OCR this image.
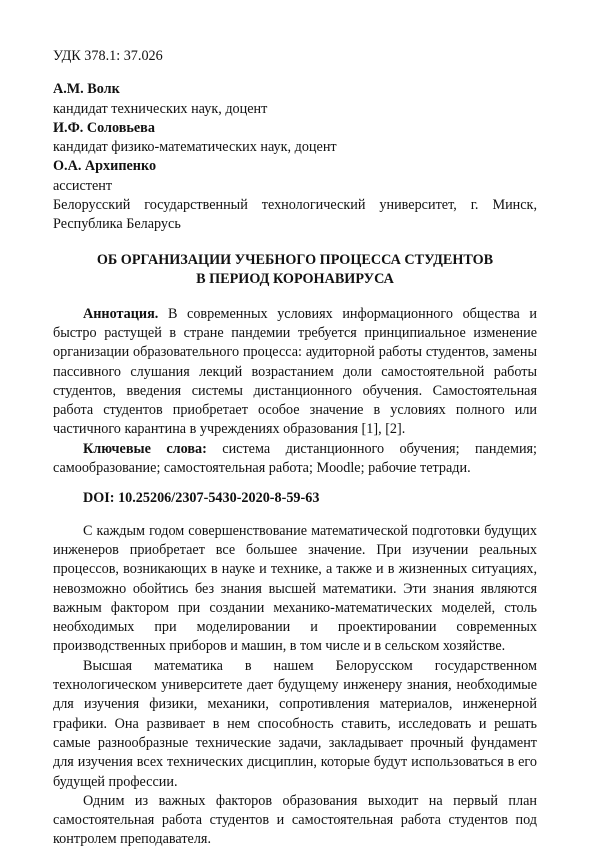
УДК 378.1: 37.026

А.М. Волк

кандидат технических наук, доцент

И.Ф. Соловьева

кандидат физико-математических наук, доцент

О.А. Архипенко

ассистент

Белорусский государственный технологический университет, г. Минск, Республика Беларусь

ОБ ОРГАНИЗАЦИИ УЧЕБНОГО ПРОЦЕССА СТУДЕНТОВ
В ПЕРИОД КОРОНАВИРУСА

Аннотация. В современных условиях информационного общества и быстро растущей в стране пандемии требуется принципиальное изменение организации образовательного процесса: аудиторной работы студентов, замены пассивного слушания лекций возрастанием доли самостоятельной работы студентов, введения системы дистанционного обучения. Самостоятельная работа студентов приобретает особое значение в условиях полного или частичного карантина в учреждениях образования [1], [2].

Ключевые слова: система дистанционного обучения; пандемия; самообразование; самостоятельная работа; Moodle; рабочие тетради.

DOI: 10.25206/2307-5430-2020-8-59-63

С каждым годом совершенствование математической подготовки будущих инженеров приобретает все большее значение. При изучении реальных процессов, возникающих в науке и технике, а также и в жизненных ситуациях, невозможно обойтись без знания высшей математики. Эти знания являются важным фактором при создании механико-математических моделей, столь необходимых при моделировании и проектировании современных производственных приборов и машин, в том числе и в сельском хозяйстве.

Высшая математика в нашем Белорусском государственном технологическом университете дает будущему инженеру знания, необходимые для изучения физики, механики, сопротивления материалов, инженерной графики. Она развивает в нем способность ставить, исследовать и решать самые разнообразные технические задачи, закладывает прочный фундамент для изучения всех технических дисциплин, которые будут использоваться в его будущей профессии.

Одним из важных факторов образования выходит на первый план самостоятельная работа студентов и самостоятельная работа студентов под контролем преподавателя.
